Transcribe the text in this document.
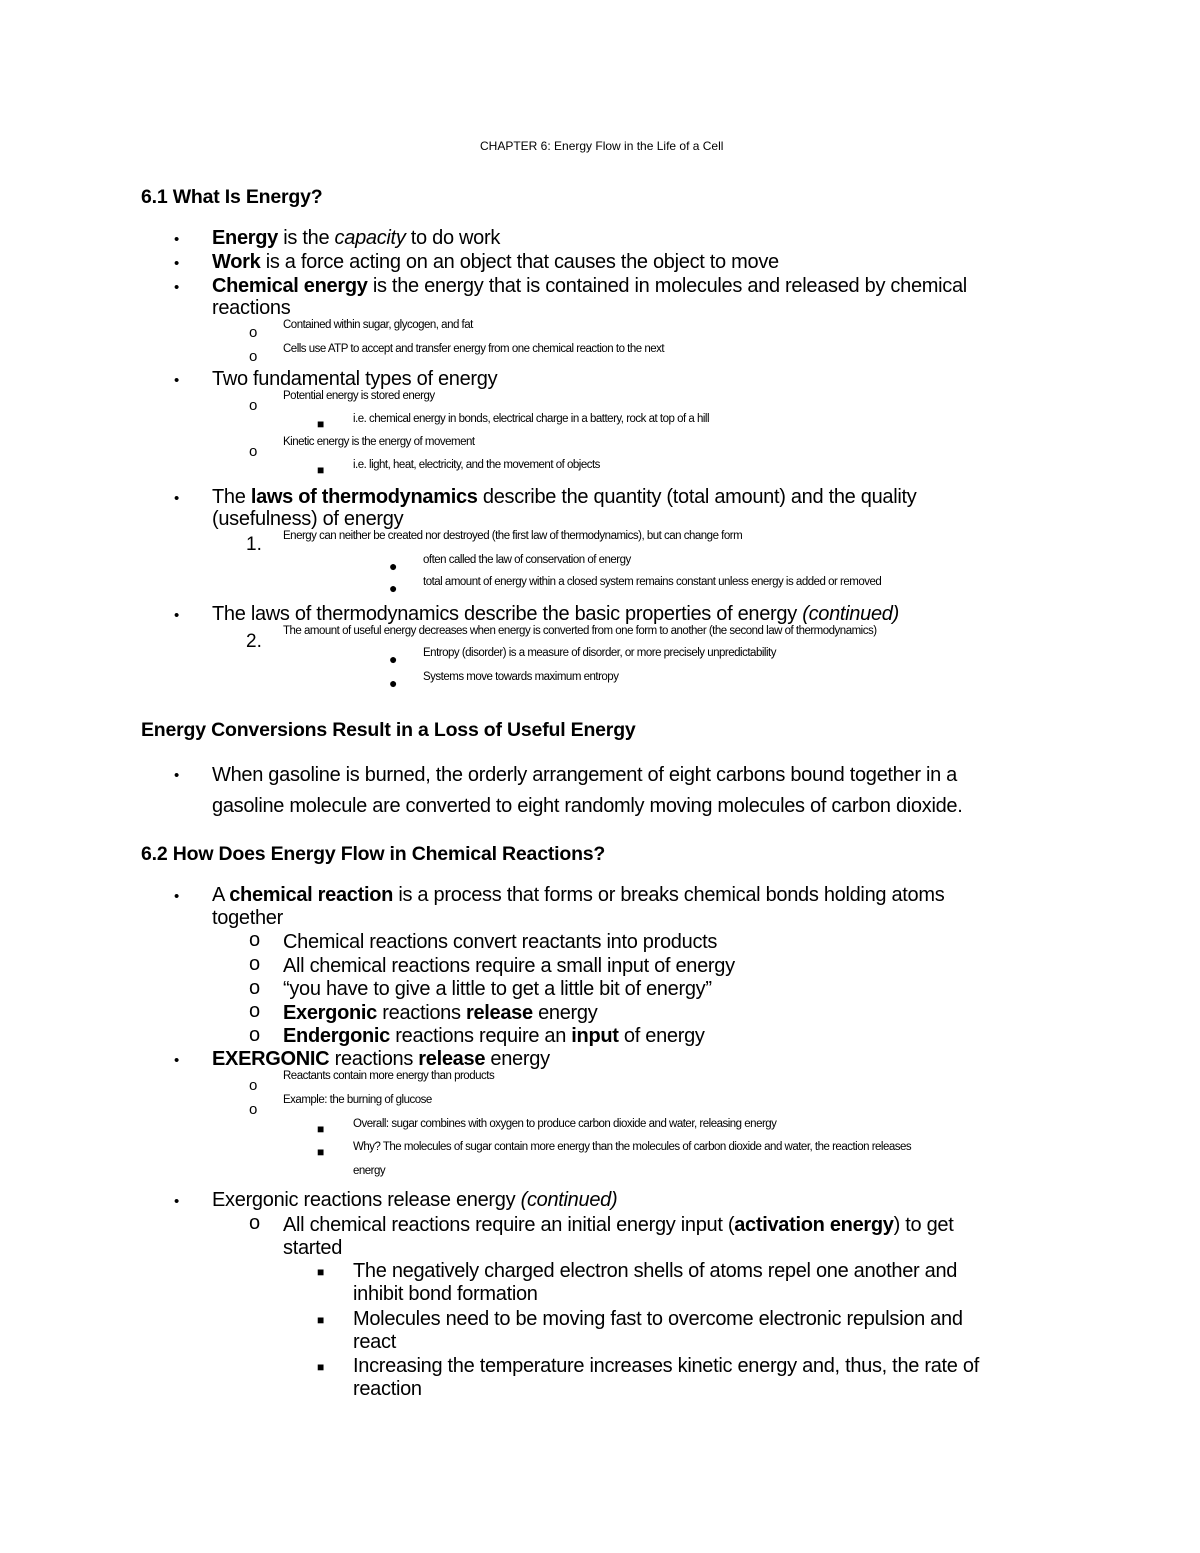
CHAPTER 6: Energy Flow in the Life of a Cell
6.1 What Is Energy?
• Energy is the capacity to do work
• Work is a force acting on an object that causes the object to move
• Chemical energy is the energy that is contained in molecules and released by chemical
reactions
o Contained within sugar, glycogen, and fat
o Cells use ATP to accept and transfer energy from one chemical reaction to the next
• Two fundamental types of energy
o
Potential energy is stored energy
■	i.e. chemical energy in bonds, electrical charge in a battery, rock at top of a hill
o
Kinetic energy is the energy of movement
■	i.e. light, heat, electricity, and the movement of objects
• The laws of thermodynamics describe the quantity (total amount) and the quality
(usefulness) of energy
1. Energy can neither be created nor destroyed (the first law of thermodynamics), but can change form
● often called the law of conservation of energy
● total amount of energy within a closed system remains constant unless energy is added or removed
• The laws of thermodynamics describe the basic properties of energy (continued)
2. The amount of useful energy decreases when energy is converted from one form to another (the second law of thermodynamics)
● Entropy (disorder) is a measure of disorder, or more precisely unpredictability
● Systems move towards maximum entropy
Energy Conversions Result in a Loss of Useful Energy
• When gasoline is burned, the orderly arrangement of eight carbons bound together in a
gasoline molecule are converted to eight randomly moving molecules of carbon dioxide.
6.2 How Does Energy Flow in Chemical Reactions?
• A chemical reaction is a process that forms or breaks chemical bonds holding atoms
together
o Chemical reactions convert reactants into products
o All chemical reactions require a small input of energy
o “you have to give a little to get a little bit of energy”
o Exergonic reactions release energy
o Endergonic reactions require an input of energy
• EXERGONIC reactions release energy
o
Reactants contain more energy than products
o
Example: the burning of glucose
■	Overall: sugar combines with oxygen to produce carbon dioxide and water, releasing energy
■	Why? The molecules of sugar contain more energy than the molecules of carbon dioxide and water, the reaction releases
energy
• Exergonic reactions release energy (continued)
o All chemical reactions require an initial energy input (activation energy) to get
started
■ The negatively charged electron shells of atoms repel one another and
inhibit bond formation
■ Molecules need to be moving fast to overcome electronic repulsion and
react
■ Increasing the temperature increases kinetic energy and, thus, the rate of
reaction
